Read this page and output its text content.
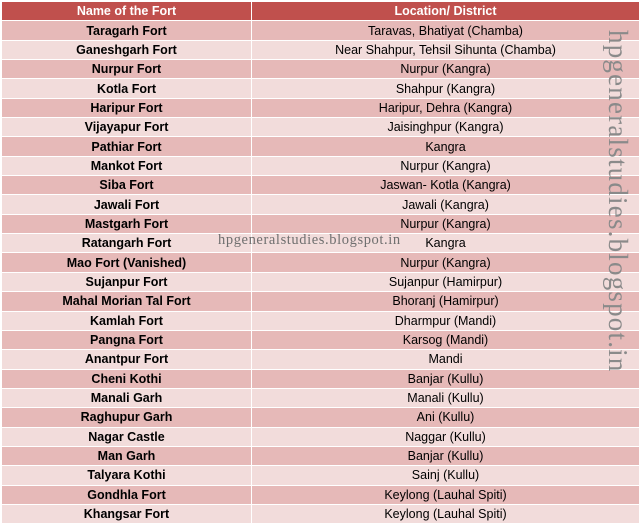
Name of the Fort	Location/ District
Taragarh Fort	Taravas, Bhatiyat (Chamba)
Ganeshgarh Fort	Near Shahpur, Tehsil Sihunta (Chamba)
Nurpur Fort	Nurpur (Kangra)
Kotla Fort	Shahpur (Kangra)
Haripur Fort	Haripur, Dehra (Kangra)
Vijayapur Fort	Jaisinghpur (Kangra)
Pathiar Fort	Kangra
Mankot Fort	Nurpur (Kangra)
Siba Fort	Jaswan- Kotla (Kangra)
Jawali Fort	Jawali (Kangra)
Mastgarh Fort	Nurpur (Kangra)
Ratangarh Fort	Kangra
Mao Fort (Vanished)	Nurpur (Kangra)
Sujanpur Fort	Sujanpur (Hamirpur)
Mahal Morian Tal Fort	Bhoranj (Hamirpur)
Kamlah Fort	Dharmpur (Mandi)
Pangna Fort	Karsog (Mandi)
Anantpur Fort	Mandi
Cheni Kothi	Banjar (Kullu)
Manali Garh	Manali (Kullu)
Raghupur Garh	Ani (Kullu)
Nagar Castle	Naggar (Kullu)
Man Garh	Banjar (Kullu)
Talyara Kothi	Sainj (Kullu)
Gondhla Fort	Keylong (Lauhal Spiti)
Khangsar Fort	Keylong (Lauhal Spiti)
hpgeneralstudies.blogspot.in	hpgeneralstudies.blogspot.in
